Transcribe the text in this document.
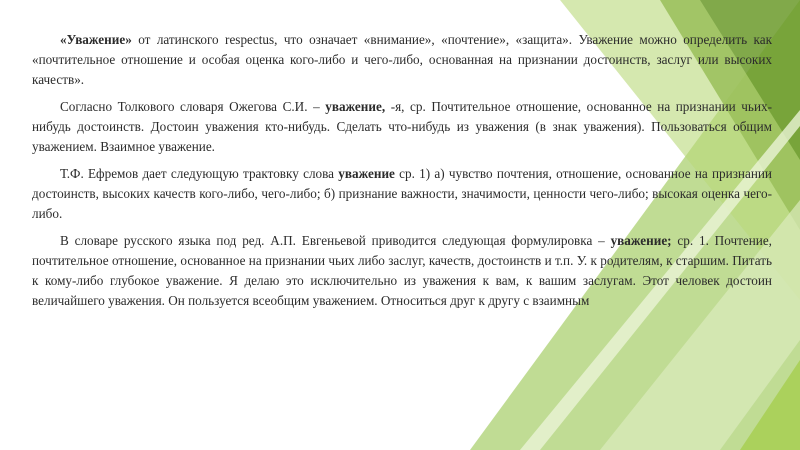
«Уважение» от латинского respectus, что означает «внимание», «почтение», «защита». Уважение можно определить как «почтительное отношение и особая оценка кого-либо и чего-либо, основанная на признании достоинств, заслуг или высоких качеств».

Согласно Толкового словаря Ожегова С.И. – уважение, -я, ср. Почтительное отношение, основанное на признании чьих-нибудь достоинств. Достоин уважения кто-нибудь. Сделать что-нибудь из уважения (в знак уважения). Пользоваться общим уважением. Взаимное уважение.

Т.Ф. Ефремов дает следующую трактовку слова уважение ср. 1) а) чувство почтения, отношение, основанное на признании достоинств, высоких качеств кого-либо, чего-либо; б) признание важности, значимости, ценности чего-либо; высокая оценка чего-либо.

В словаре русского языка под ред. А.П. Евгеньевой приводится следующая формулировка – уважение; ср. 1. Почтение, почтительное отношение, основанное на признании чьих либо заслуг, качеств, достоинств и т.п. У. к родителям, к старшим. Питать к кому-либо глубокое уважение. Я делаю это исключительно из уважения к вам, к вашим заслугам. Этот человек достоин величайшего уважения. Он пользуется всеобщим уважением. Относиться друг к другу с взаимным
